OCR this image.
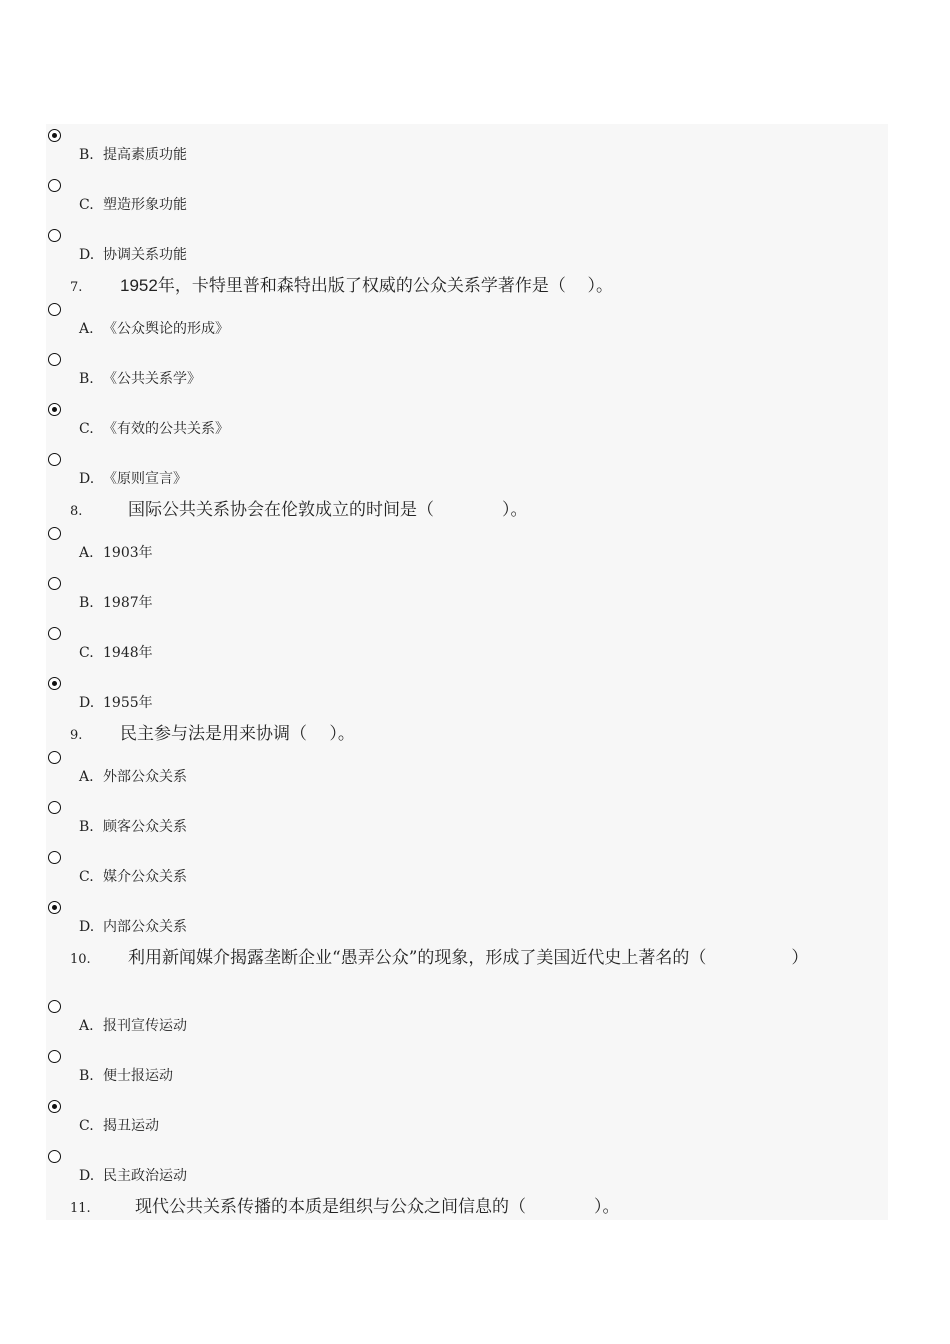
B. 提高素质功能
C. 塑造形象功能
D. 协调关系功能
7.	1952年，卡特里普和森特出版了权威的公众关系学著作是（　 ）。
A. 《公众舆论的形成》
B. 《公共关系学》
C. 《有效的公共关系》
D. 《原则宣言》
8.	国际公共关系协会在伦敦成立的时间是（　　　　）。
A. 1903年
B. 1987年
C. 1948年
D. 1955年
9.	民主参与法是用来协调（　 ）。
A. 外部公众关系
B. 顾客公众关系
C. 媒介公众关系
D. 内部公众关系
10.	利用新闻媒介揭露垄断企业“愚弄公众”的现象，形成了美国近代史上著名的（　　　　　）
A. 报刊宣传运动
B. 便士报运动
C. 揭丑运动
D. 民主政治运动
11.	现代公共关系传播的本质是组织与公众之间信息的（　　　　）。
